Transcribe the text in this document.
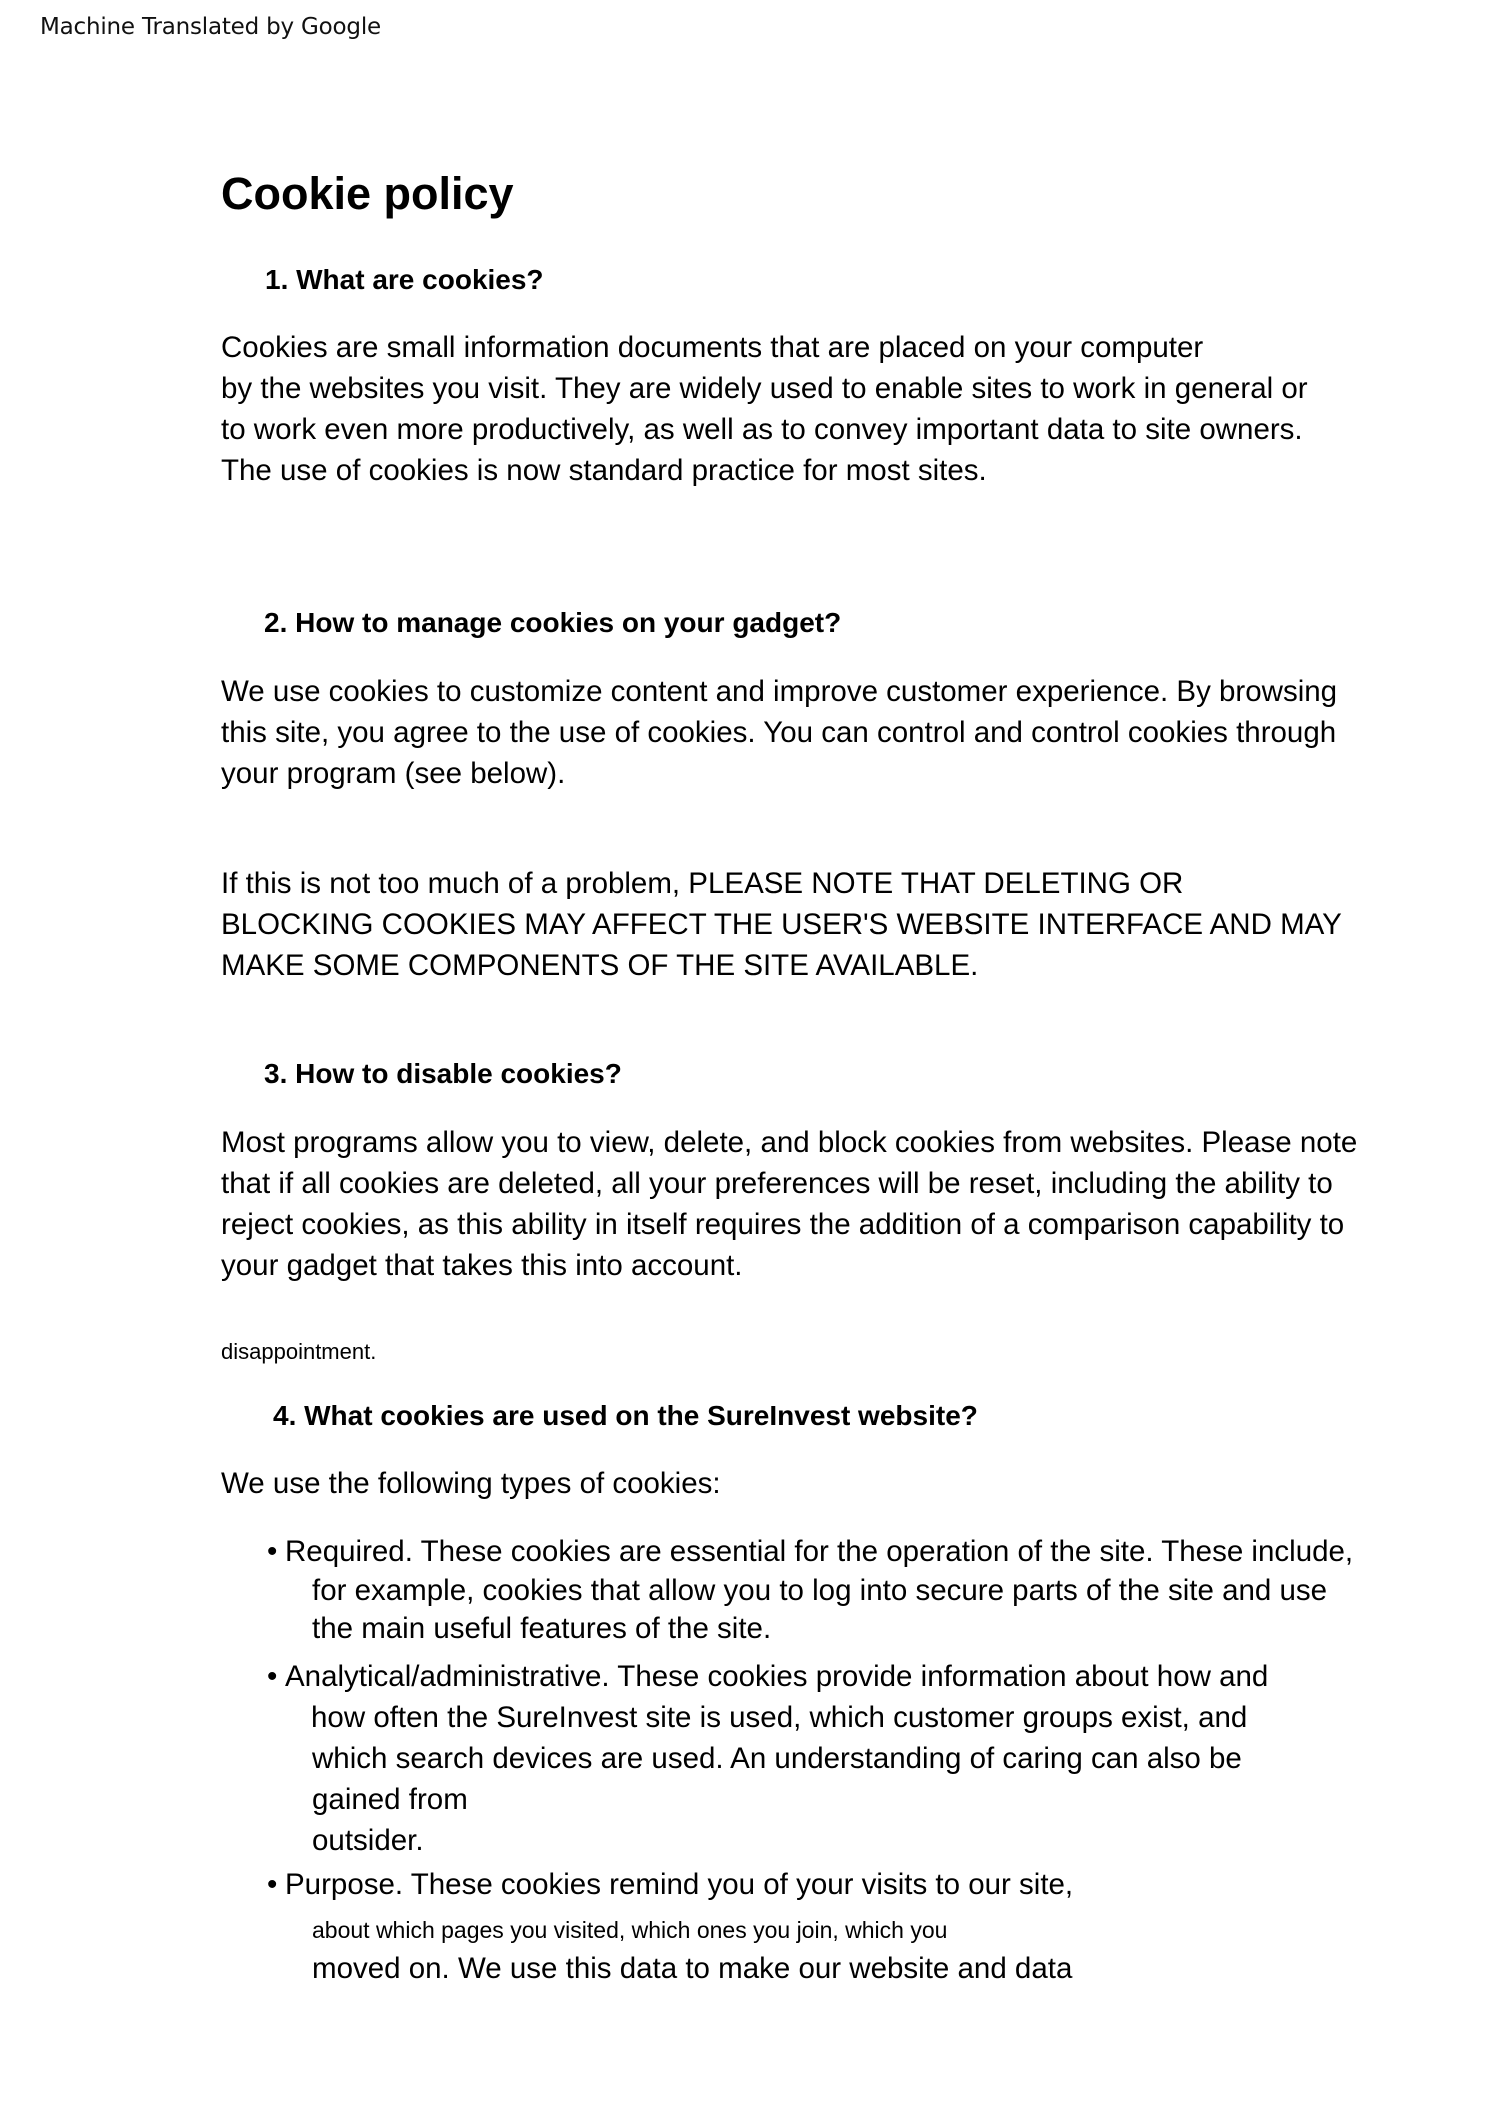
Machine Translated by Google
Cookie policy
1. What are cookies?
Cookies are small information documents that are placed on your computer
by the websites you visit. They are widely used to enable sites to work in general or
to work even more productively, as well as to convey important data to site owners.
The use of cookies is now standard practice for most sites.
2. How to manage cookies on your gadget?
We use cookies to customize content and improve customer experience. By browsing
this site, you agree to the use of cookies. You can control and control cookies through
your program (see below).
If this is not too much of a problem, PLEASE NOTE THAT DELETING OR
BLOCKING COOKIES MAY AFFECT THE USER'S WEBSITE INTERFACE AND MAY
MAKE SOME COMPONENTS OF THE SITE AVAILABLE.
3. How to disable cookies?
Most programs allow you to view, delete, and block cookies from websites. Please note
that if all cookies are deleted, all your preferences will be reset, including the ability to
reject cookies, as this ability in itself requires the addition of a comparison capability to
your gadget that takes this into account.
disappointment.
4. What cookies are used on the SureInvest website?
We use the following types of cookies:
• Required. These cookies are essential for the operation of the site. These include,
for example, cookies that allow you to log into secure parts of the site and use
the main useful features of the site.
• Analytical/administrative. These cookies provide information about how and
how often the SureInvest site is used, which customer groups exist, and
which search devices are used. An understanding of caring can also be
gained from
outsider.
• Purpose. These cookies remind you of your visits to our site,
about which pages you visited, which ones you join, which you
moved on. We use this data to make our website and data
